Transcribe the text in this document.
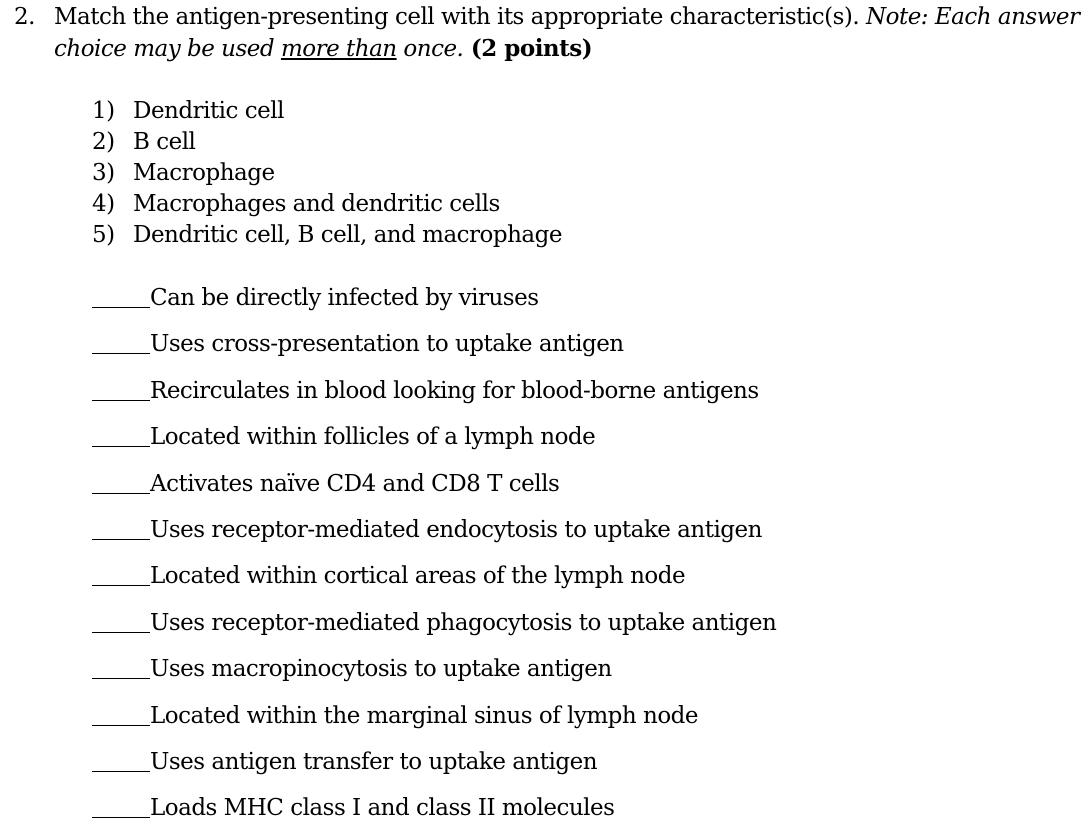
2. Match the antigen-presenting cell with its appropriate characteristic(s). Note: Each answer choice may be used more than once. (2 points)
1) Dendritic cell
2) B cell
3) Macrophage
4) Macrophages and dendritic cells
5) Dendritic cell, B cell, and macrophage
Can be directly infected by viruses
Uses cross-presentation to uptake antigen
Recirculates in blood looking for blood-borne antigens
Located within follicles of a lymph node
Activates naïve CD4 and CD8 T cells
Uses receptor-mediated endocytosis to uptake antigen
Located within cortical areas of the lymph node
Uses receptor-mediated phagocytosis to uptake antigen
Uses macropinocytosis to uptake antigen
Located within the marginal sinus of lymph node
Uses antigen transfer to uptake antigen
Loads MHC class I and class II molecules
